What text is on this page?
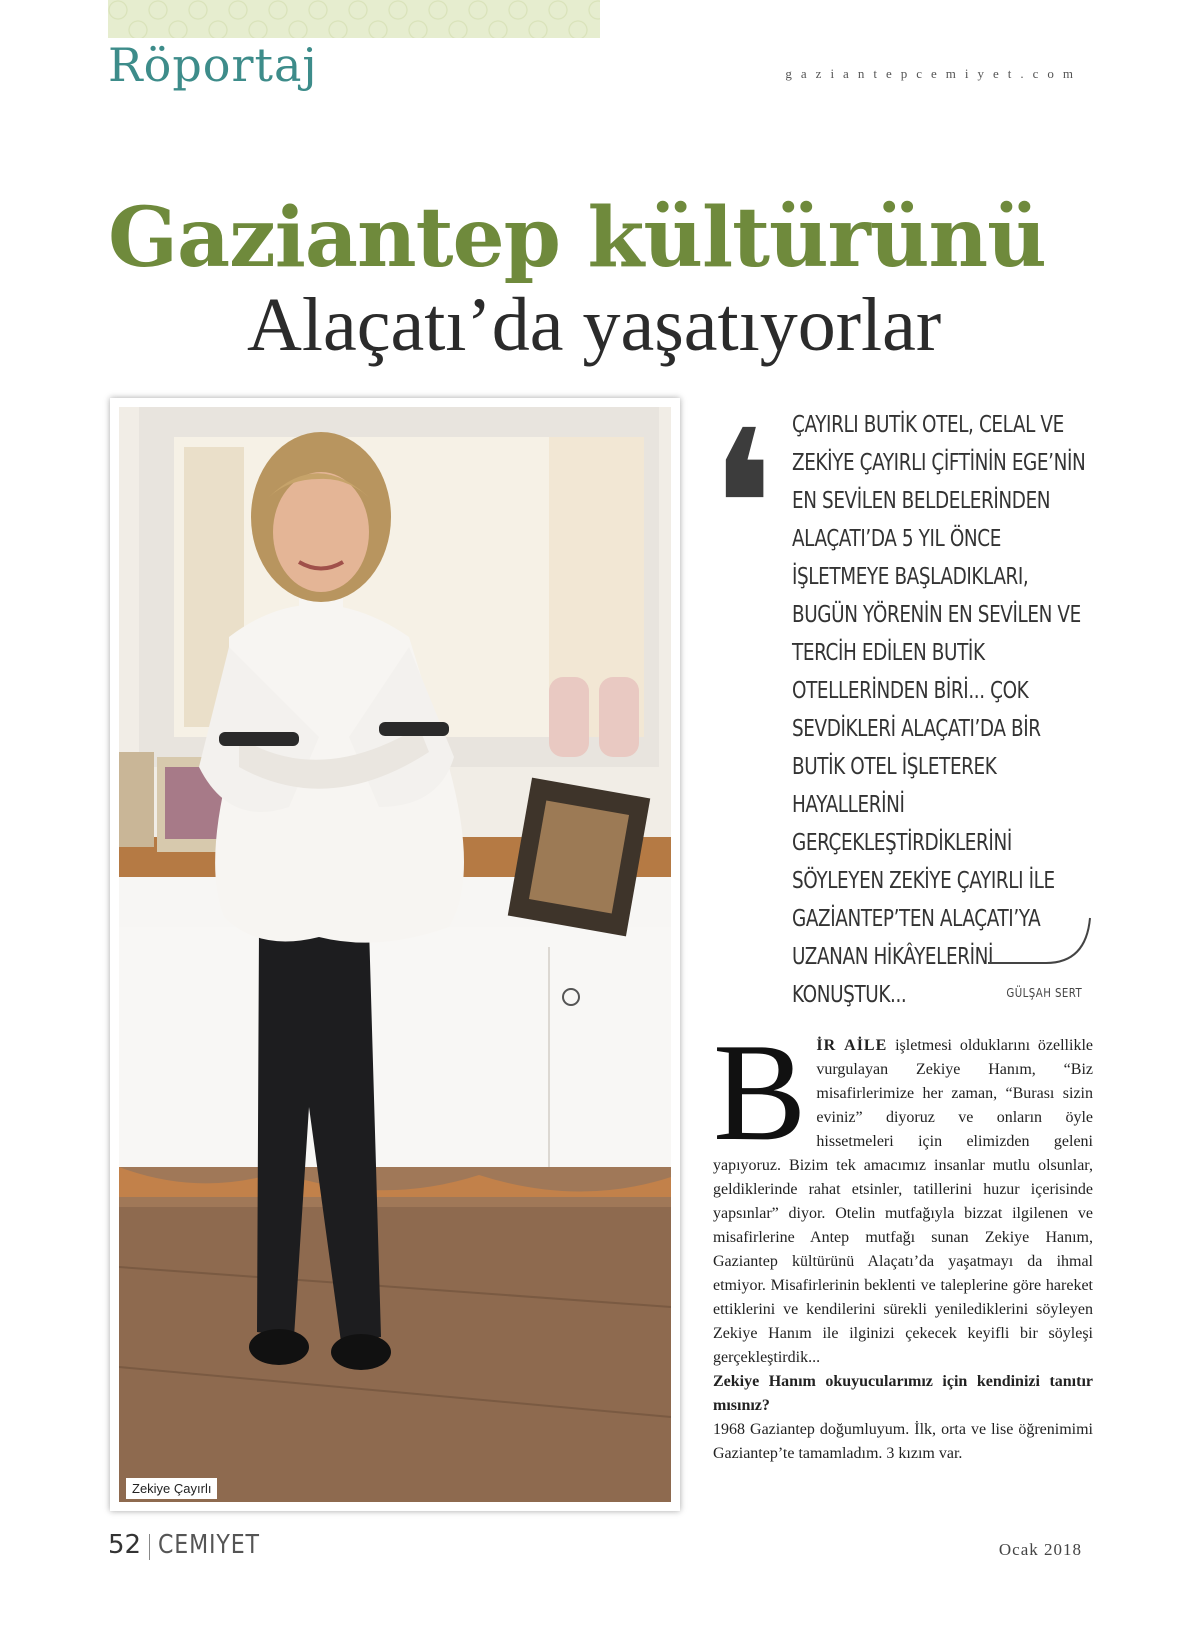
Röportaj	gaziantepcemiyet.com
Gaziantep kültürünü
Alaçatı’da yaşatıyorlar
Zekiye Çayırlı
❛ ÇAYIRLI BUTİK OTEL, CELAL VE ZEKİYE ÇAYIRLI ÇİFTİNİN EGE’NİN EN SEVİLEN BELDELERİNDEN ALAÇATI’DA 5 YIL ÖNCE İŞLETMEYE BAŞLADIKLARI, BUGÜN YÖRENİN EN SEVİLEN VE TERCİH EDİLEN BUTİK OTELLERİNDEN BİRİ... ÇOK SEVDİKLERİ ALAÇATI’DA BİR BUTİK OTEL İŞLETEREK HAYALLERİNİ GERÇEKLEŞTİRDİKLERİNİ SÖYLEYEN ZEKİYE ÇAYIRLI İLE GAZİANTEP’TEN ALAÇATI’YA UZANAN HİKÂYELERİNİ KONUŞTUK...	GÜLŞAH SERT

BİR AİLE işletmesi olduklarını özellikle vurgulayan Zekiye Hanım, “Biz misafirlerimize her zaman, “Burası sizin eviniz” diyoruz ve onların öyle hissetmeleri için elimizden geleni yapıyoruz. Bizim tek amacımız insanlar mutlu olsunlar, geldiklerinde rahat etsinler, tatillerini huzur içerisinde yapsınlar” diyor. Otelin mutfağıyla bizzat ilgilenen ve misafirlerine Antep mutfağı sunan Zekiye Hanım, Gaziantep kültürünü Alaçatı’da yaşatmayı da ihmal etmiyor. Misafirlerinin beklenti ve taleplerine göre hareket ettiklerini ve kendilerini sürekli yenilediklerini söyleyen Zekiye Hanım ile ilginizi çekecek keyifli bir söyleşi gerçekleştirdik...

Zekiye Hanım okuyucularımız için kendinizi tanıtır mısınız?

1968 Gaziantep doğumluyum. İlk, orta ve lise öğrenimimi Gaziantep’te tamamladım. 3 kızım var.

52 CEMIYET	Ocak 2018
